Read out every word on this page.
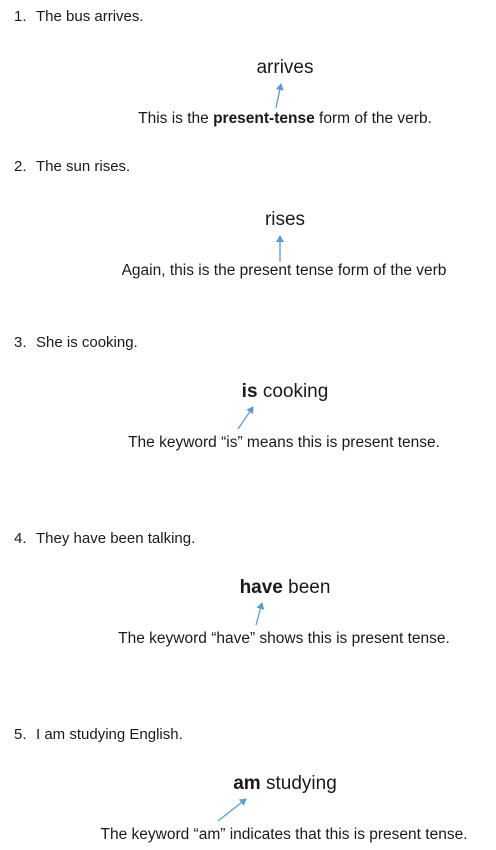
1. The bus arrives.
arrives
This is the present-tense form of the verb.
2. The sun rises.
rises
Again, this is the present tense form of the verb
3. She is cooking.
is cooking
The keyword “is” means this is present tense.
4. They have been talking.
have been
The keyword “have” shows this is present tense.
5. I am studying English.
am studying
The keyword “am” indicates that this is present tense.
